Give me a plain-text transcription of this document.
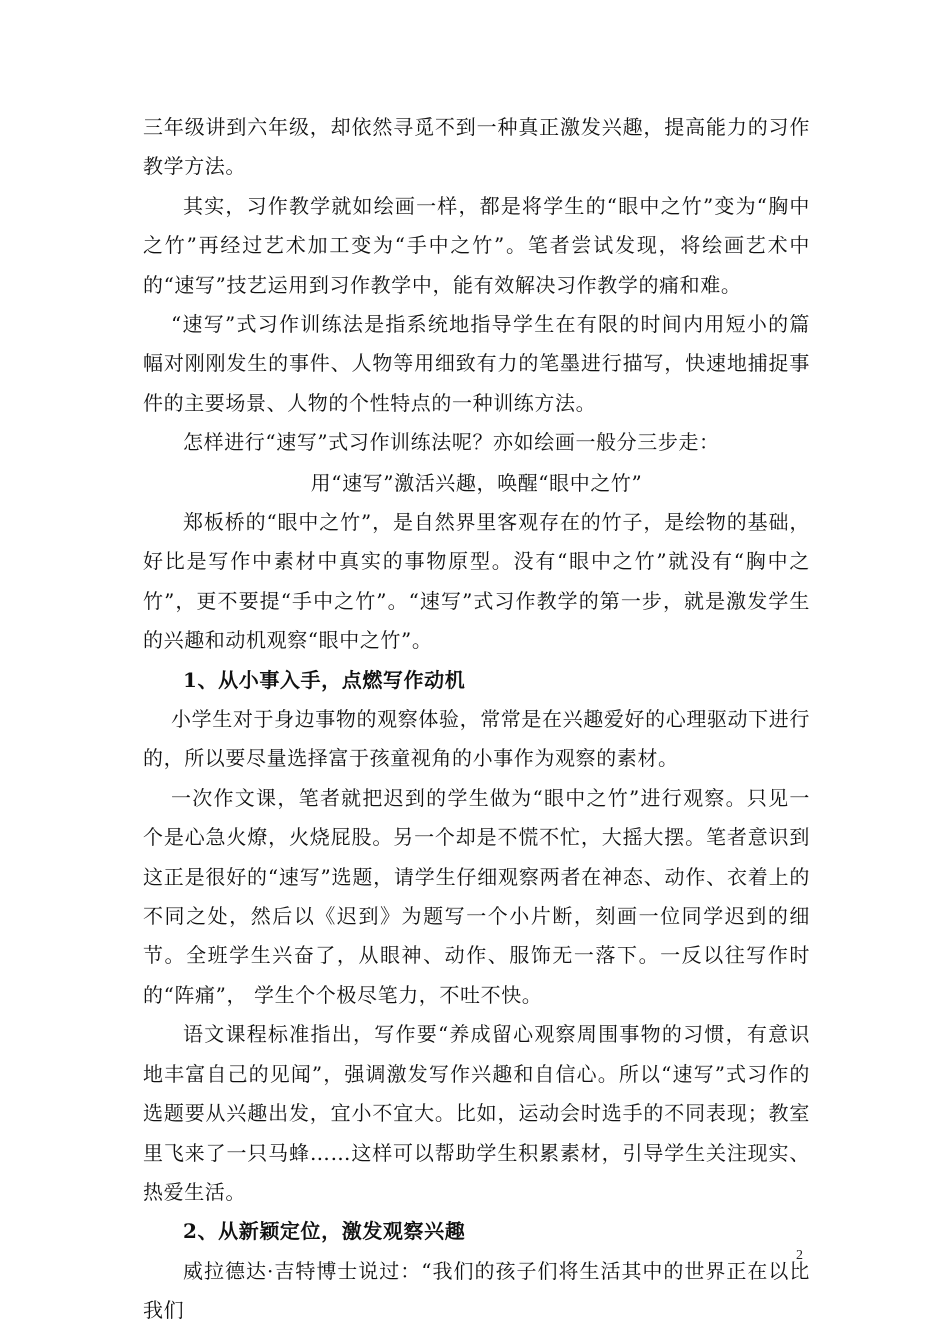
三年级讲到六年级，却依然寻觅不到一种真正激发兴趣，提高能力的习作教学方法。

其实，习作教学就如绘画一样，都是将学生的“眼中之竹”变为“胸中之竹”再经过艺术加工变为“手中之竹”。笔者尝试发现，将绘画艺术中的“速写”技艺运用到习作教学中，能有效解决习作教学的痛和难。

“速写”式习作训练法是指系统地指导学生在有限的时间内用短小的篇幅对刚刚发生的事件、人物等用细致有力的笔墨进行描写，快速地捕捉事件的主要场景、人物的个性特点的一种训练方法。

怎样进行“速写”式习作训练法呢？亦如绘画一般分三步走：

用“速写”激活兴趣，唤醒“眼中之竹”

郑板桥的“眼中之竹”，是自然界里客观存在的竹子，是绘物的基础，好比是写作中素材中真实的事物原型。没有“眼中之竹”就没有“胸中之竹”，更不要提“手中之竹”。“速写”式习作教学的第一步，就是激发学生的兴趣和动机观察“眼中之竹”。

1、从小事入手，点燃写作动机

小学生对于身边事物的观察体验，常常是在兴趣爱好的心理驱动下进行的，所以要尽量选择富于孩童视角的小事作为观察的素材。

一次作文课，笔者就把迟到的学生做为“眼中之竹”进行观察。只见一个是心急火燎，火烧屁股。另一个却是不慌不忙，大摇大摆。笔者意识到这正是很好的“速写”选题，请学生仔细观察两者在神态、动作、衣着上的不同之处，然后以《迟到》为题写一个小片断，刻画一位同学迟到的细节。全班学生兴奋了，从眼神、动作、服饰无一落下。一反以往写作时的“阵痛”， 学生个个极尽笔力，不吐不快。

语文课程标准指出，写作要“养成留心观察周围事物的习惯，有意识地丰富自己的见闻”，强调激发写作兴趣和自信心。所以“速写”式习作的选题要从兴趣出发，宜小不宜大。比如，运动会时选手的不同表现；教室里飞来了一只马蜂……这样可以帮助学生积累素材，引导学生关注现实、热爱生活。

2、从新颖定位，激发观察兴趣

威拉德达·吉特博士说过：“我们的孩子们将生活其中的世界正在以比我们

2
